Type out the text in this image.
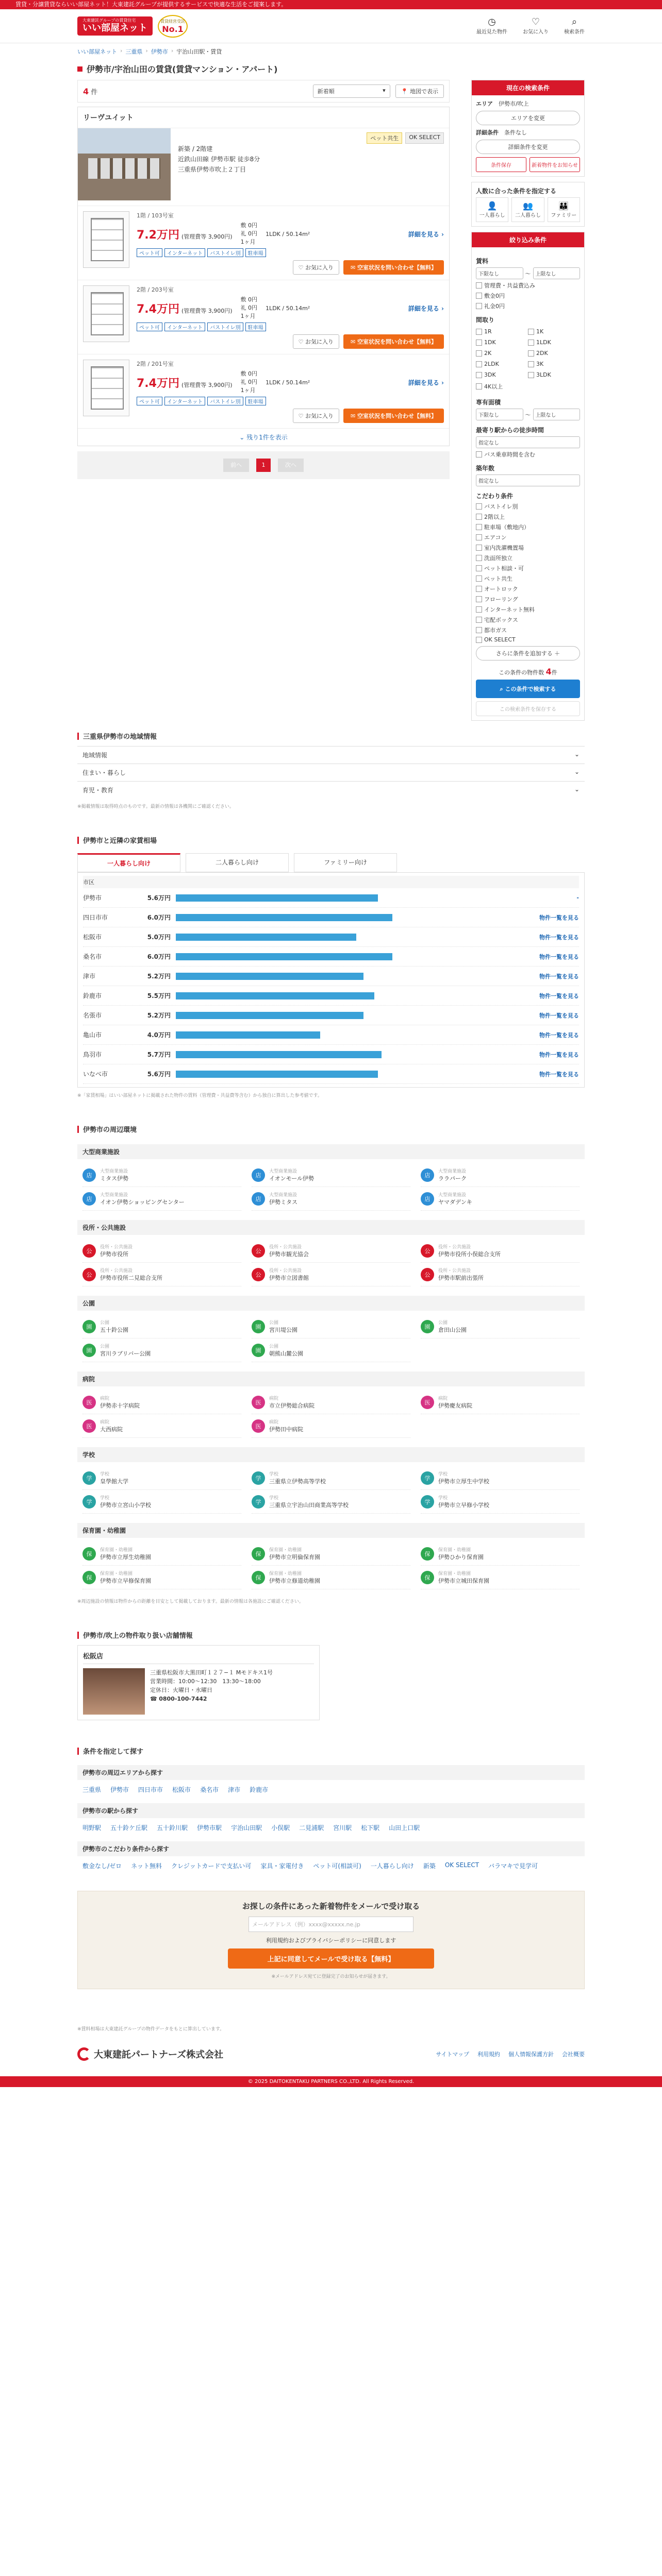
賃貸・分譲賃貸ならいい部屋ネット！大東建託グループが提供するサービスで快適な生活をご提案します。
大東建託グループの賃貸住宅
いい部屋ネット
賃貸経営受託
No.1
◷
最近見た物件
♡
お気に入り
⌕
検索条件
いい部屋ネット › 三重県 › 伊勢市 › 宇治山田駅・賃貸
伊勢市/宇治山田の賃貸(賃貸マンション・アパート)
4 件	新着順	▾	📍 地図で表示
リーヴユイット
新築 / 2階建
近鉄山田線 伊勢市駅 徒歩8分
三重県伊勢市吹上２丁目
ペット共生	OK SELECT
1階 / 103号室
7.2万円 (管理費等 3,900円)
敷 0円
礼 0円
1ヶ月
1LDK / 50.14m²	詳細を見る ›
ペット可	インターネット	バストイレ別	駐車場
♡ お気に入り	✉ 空室状況を問い合わせ【無料】
2階 / 203号室
7.4万円 (管理費等 3,900円)
敷 0円
礼 0円
1ヶ月
1LDK / 50.14m²	詳細を見る ›
ペット可	インターネット	バストイレ別	駐車場
♡ お気に入り	✉ 空室状況を問い合わせ【無料】
2階 / 201号室
7.4万円 (管理費等 3,900円)
敷 0円
礼 0円
1ヶ月
1LDK / 50.14m²	詳細を見る ›
ペット可	インターネット	バストイレ別	駐車場
♡ お気に入り	✉ 空室状況を問い合わせ【無料】
⌄ 残り1件を表示
前へ	1	次へ
現在の検索条件
エリア　 伊勢市/吹上
エリアを変更
詳細条件　 条件なし
詳細条件を変更
条件保存	新着物件をお知らせ
人数に合った条件を指定する
👤
一人暮らし
👥
二人暮らし
👪
ファミリー
絞り込み条件
賃料
下限なし	〜 上限なし
管理費・共益費込み
敷金0円
礼金0円
間取り
1R	1K
1DK	1LDK
2K	2DK
2LDK	3K
3DK	3LDK
4K以上
専有面積
下限なし	〜 上限なし
最寄り駅からの徒歩時間
指定なし
バス乗車時間を含む
築年数
指定なし
こだわり条件
バストイレ別
2階以上
駐車場（敷地内）
エアコン
室内洗濯機置場
洗面所独立
ペット相談・可
ペット共生
オートロック
フローリング
インターネット無料
宅配ボックス
都市ガス
OK SELECT
さらに条件を追加する ＋
この条件の物件数 4件
⌕ この条件で検索する
この検索条件を保存する
三重県伊勢市の地域情報
地域情報	⌄
住まい・暮らし	⌄
育児・教育	⌄
※掲載情報は取得時点のものです。最新の情報は各機関にご確認ください。
伊勢市と近隣の家賃相場
一人暮らし向け	二人暮らし向け	ファミリー向け
市区
伊勢市	5.6万円	-
四日市市	6.0万円	物件一覧を見る
松阪市	5.0万円	物件一覧を見る
桑名市	6.0万円	物件一覧を見る
津市	5.2万円	物件一覧を見る
鈴鹿市	5.5万円	物件一覧を見る
名張市	5.2万円	物件一覧を見る
亀山市	4.0万円	物件一覧を見る
鳥羽市	5.7万円	物件一覧を見る
いなべ市	5.6万円	物件一覧を見る
※「家賃相場」はいい部屋ネットに掲載された物件の賃料（管理費・共益費等含む）から独自に算出した参考値です。
伊勢市の周辺環境
大型商業施設
店
大型商業施設
ミタス伊勢	店
大型商業施設
イオンモール伊勢	店
大型商業施設
ララパーク
店
大型商業施設
イオン伊勢ショッピングセンター	店
大型商業施設
伊勢ミタス	店
大型商業施設
ヤマダデンキ
役所・公共施設
公
役所・公共施設
伊勢市役所	公
役所・公共施設
伊勢市観光協会	公
役所・公共施設
伊勢市役所小俣総合支所
公
役所・公共施設
伊勢市役所二見総合支所	公
役所・公共施設
伊勢市立図書館	公
役所・公共施設
伊勢市駅前出張所
公園
園
公園
五十鈴公園	園
公園
宮川堤公園	園
公園
倉田山公園
園
公園
宮川ラブリバー公園	園
公園
朝熊山麓公園
病院
医
病院
伊勢赤十字病院	医
病院
市立伊勢総合病院	医
病院
伊勢慶友病院
医
病院
大西病院	医
病院
伊勢田中病院
学校
学
学校
皇學館大学	学
学校
三重県立伊勢高等学校	学
学校
伊勢市立厚生中学校
学
学校
伊勢市立宮山小学校	学
学校
三重県立宇治山田商業高等学校	学
学校
伊勢市立早修小学校
保育園・幼稚園
保
保育園・幼稚園
伊勢市立厚生幼稚園	保
保育園・幼稚園
伊勢市立明倫保育園	保
保育園・幼稚園
伊勢ひかり保育園
保
保育園・幼稚園
伊勢市立早修保育園	保
保育園・幼稚園
伊勢市立修道幼稚園	保
保育園・幼稚園
伊勢市立城田保育園
※周辺施設の情報は物件からの距離を目安として掲載しております。最新の情報は各施設にご確認ください。
伊勢市/吹上の物件取り扱い店舗情報
松阪店
三重県松阪市大黒田町１２７−１ Mモドキス1号
営業時間：10:00〜12:30　13:30〜18:00
定休日：火曜日・水曜日
☎ 0800-100-7442
条件を指定して探す
伊勢市の周辺エリアから探す
三重県 伊勢市 四日市市 松阪市 桑名市 津市 鈴鹿市
伊勢市の駅から探す
明野駅 五十鈴ケ丘駅 五十鈴川駅 伊勢市駅 宇治山田駅 小俣駅 二見浦駅 宮川駅 松下駅 山田上口駅
伊勢市のこだわり条件から探す
敷金なし/ゼロ ネット無料 クレジットカードで支払い可 家具・家電付き ペット可(相談可) 一人暮らし向け 新築 OK SELECT バラマキで見学可
お探しの条件にあった新着物件をメールで受け取る
メールアドレス（例）xxxx@xxxxx.ne.jp
利用規約およびプライバシーポリシーに同意します
上記に同意してメールで受け取る【無料】
※メールアドレス宛てに登録完了のお知らせが届きます。
※賃料相場は大東建託グループの物件データをもとに算出しています。
大東建託パートナーズ株式会社	サイトマップ 利用規約 個人情報保護方針 会社概要
© 2025 DAITOKENTAKU PARTNERS CO.,LTD. All Rights Reserved.
